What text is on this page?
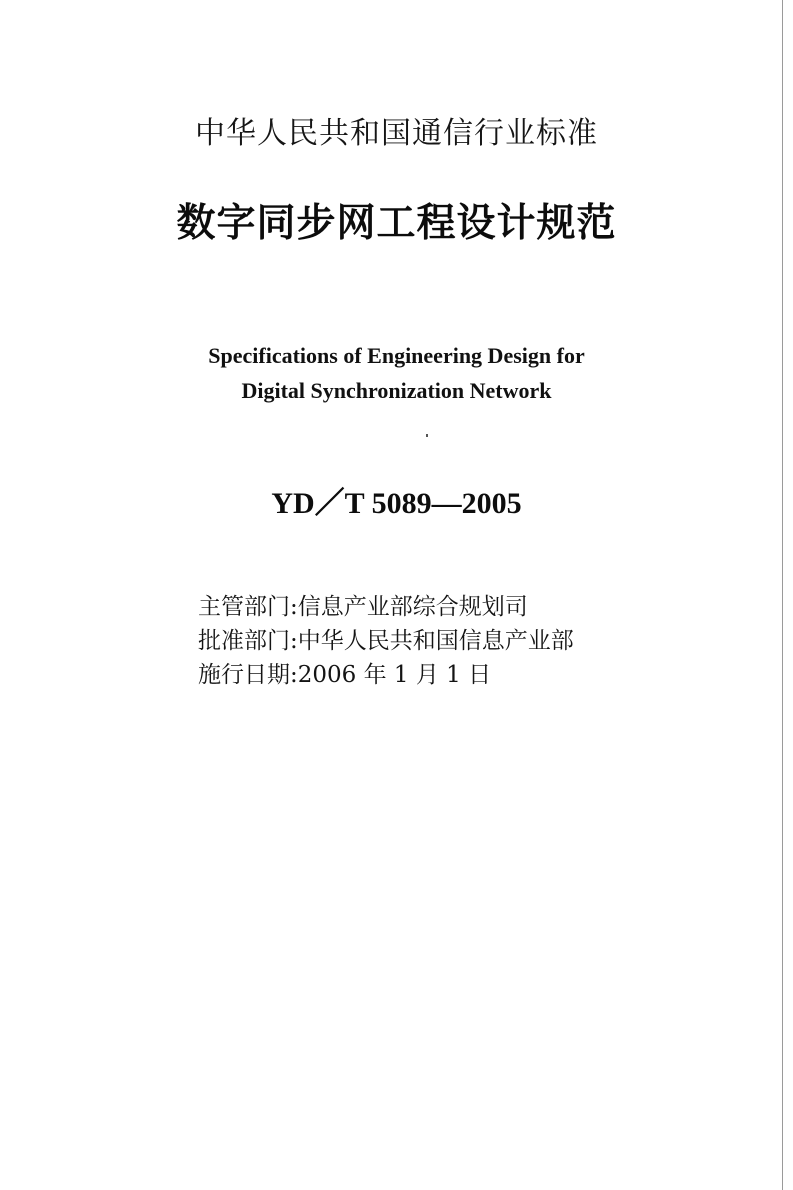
中华人民共和国通信行业标准
数字同步网工程设计规范
Specifications of Engineering Design for
Digital Synchronization Network
YD／T 5089—2005
主管部门:信息产业部综合规划司
批准部门:中华人民共和国信息产业部
施行日期:2006 年 1 月 1 日
